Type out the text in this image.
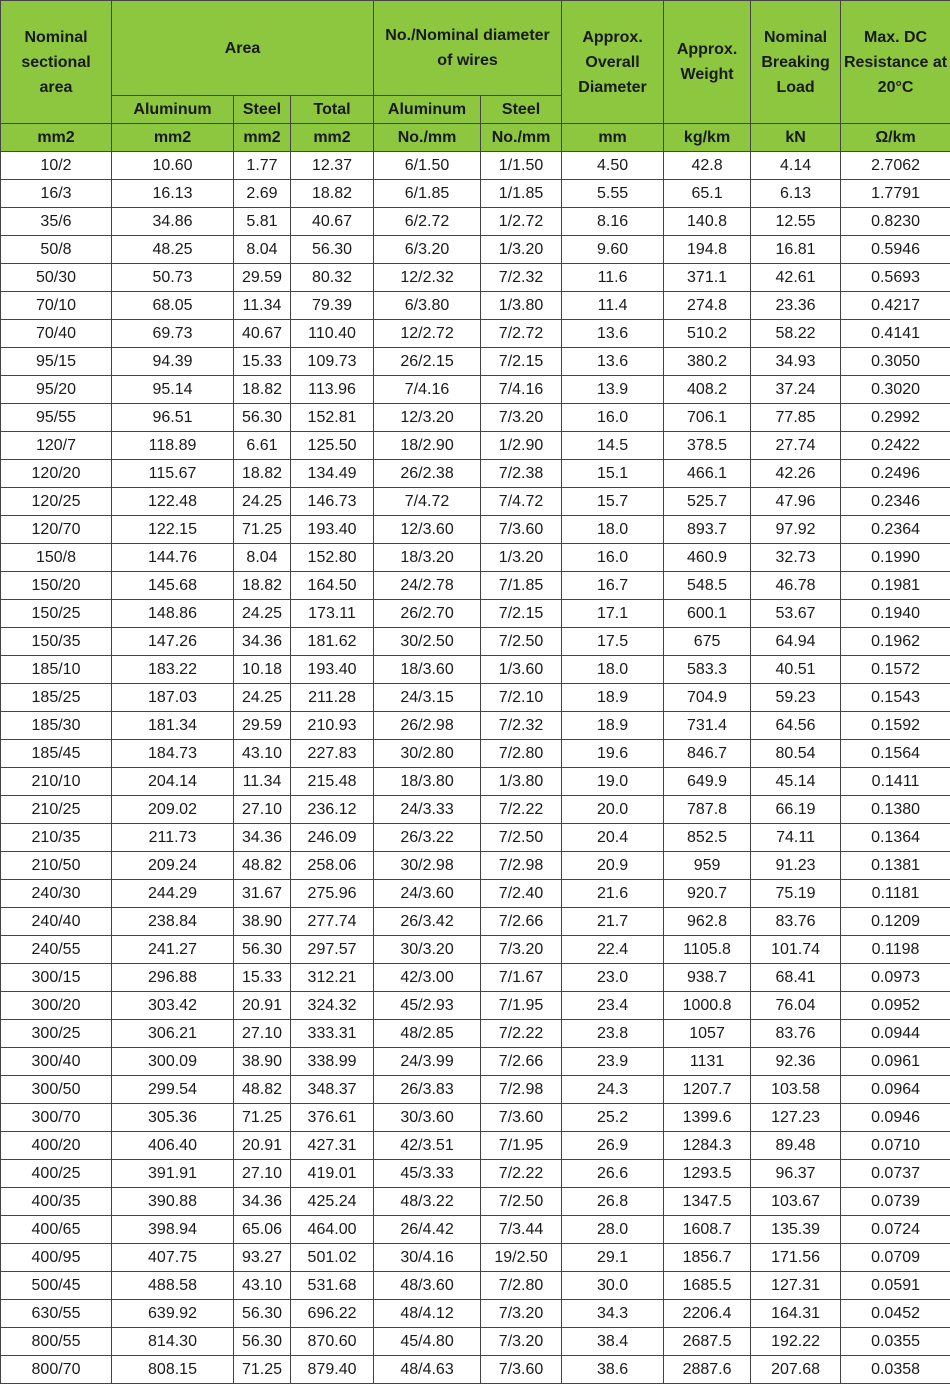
Nominal sectional area	Area			No./Nominal diameter of wires		Approx. Overall Diameter	Approx. Weight	Nominal Breaking Load	Max. DC Resistance at 20°C
	Aluminum	Steel	Total	Aluminum	Steel				
mm2	mm2	mm2	mm2	No./mm	No./mm	mm	kg/km	kN	Ω/km
10/2	10.60	1.77	12.37	6/1.50	1/1.50	4.50	42.8	4.14	2.7062
16/3	16.13	2.69	18.82	6/1.85	1/1.85	5.55	65.1	6.13	1.7791
35/6	34.86	5.81	40.67	6/2.72	1/2.72	8.16	140.8	12.55	0.8230
50/8	48.25	8.04	56.30	6/3.20	1/3.20	9.60	194.8	16.81	0.5946
50/30	50.73	29.59	80.32	12/2.32	7/2.32	11.6	371.1	42.61	0.5693
70/10	68.05	11.34	79.39	6/3.80	1/3.80	11.4	274.8	23.36	0.4217
70/40	69.73	40.67	110.40	12/2.72	7/2.72	13.6	510.2	58.22	0.4141
95/15	94.39	15.33	109.73	26/2.15	7/2.15	13.6	380.2	34.93	0.3050
95/20	95.14	18.82	113.96	7/4.16	7/4.16	13.9	408.2	37.24	0.3020
95/55	96.51	56.30	152.81	12/3.20	7/3.20	16.0	706.1	77.85	0.2992
120/7	118.89	6.61	125.50	18/2.90	1/2.90	14.5	378.5	27.74	0.2422
120/20	115.67	18.82	134.49	26/2.38	7/2.38	15.1	466.1	42.26	0.2496
120/25	122.48	24.25	146.73	7/4.72	7/4.72	15.7	525.7	47.96	0.2346
120/70	122.15	71.25	193.40	12/3.60	7/3.60	18.0	893.7	97.92	0.2364
150/8	144.76	8.04	152.80	18/3.20	1/3.20	16.0	460.9	32.73	0.1990
150/20	145.68	18.82	164.50	24/2.78	7/1.85	16.7	548.5	46.78	0.1981
150/25	148.86	24.25	173.11	26/2.70	7/2.15	17.1	600.1	53.67	0.1940
150/35	147.26	34.36	181.62	30/2.50	7/2.50	17.5	675	64.94	0.1962
185/10	183.22	10.18	193.40	18/3.60	1/3.60	18.0	583.3	40.51	0.1572
185/25	187.03	24.25	211.28	24/3.15	7/2.10	18.9	704.9	59.23	0.1543
185/30	181.34	29.59	210.93	26/2.98	7/2.32	18.9	731.4	64.56	0.1592
185/45	184.73	43.10	227.83	30/2.80	7/2.80	19.6	846.7	80.54	0.1564
210/10	204.14	11.34	215.48	18/3.80	1/3.80	19.0	649.9	45.14	0.1411
210/25	209.02	27.10	236.12	24/3.33	7/2.22	20.0	787.8	66.19	0.1380
210/35	211.73	34.36	246.09	26/3.22	7/2.50	20.4	852.5	74.11	0.1364
210/50	209.24	48.82	258.06	30/2.98	7/2.98	20.9	959	91.23	0.1381
240/30	244.29	31.67	275.96	24/3.60	7/2.40	21.6	920.7	75.19	0.1181
240/40	238.84	38.90	277.74	26/3.42	7/2.66	21.7	962.8	83.76	0.1209
240/55	241.27	56.30	297.57	30/3.20	7/3.20	22.4	1105.8	101.74	0.1198
300/15	296.88	15.33	312.21	42/3.00	7/1.67	23.0	938.7	68.41	0.0973
300/20	303.42	20.91	324.32	45/2.93	7/1.95	23.4	1000.8	76.04	0.0952
300/25	306.21	27.10	333.31	48/2.85	7/2.22	23.8	1057	83.76	0.0944
300/40	300.09	38.90	338.99	24/3.99	7/2.66	23.9	1131	92.36	0.0961
300/50	299.54	48.82	348.37	26/3.83	7/2.98	24.3	1207.7	103.58	0.0964
300/70	305.36	71.25	376.61	30/3.60	7/3.60	25.2	1399.6	127.23	0.0946
400/20	406.40	20.91	427.31	42/3.51	7/1.95	26.9	1284.3	89.48	0.0710
400/25	391.91	27.10	419.01	45/3.33	7/2.22	26.6	1293.5	96.37	0.0737
400/35	390.88	34.36	425.24	48/3.22	7/2.50	26.8	1347.5	103.67	0.0739
400/65	398.94	65.06	464.00	26/4.42	7/3.44	28.0	1608.7	135.39	0.0724
400/95	407.75	93.27	501.02	30/4.16	19/2.50	29.1	1856.7	171.56	0.0709
500/45	488.58	43.10	531.68	48/3.60	7/2.80	30.0	1685.5	127.31	0.0591
630/55	639.92	56.30	696.22	48/4.12	7/3.20	34.3	2206.4	164.31	0.0452
800/55	814.30	56.30	870.60	45/4.80	7/3.20	38.4	2687.5	192.22	0.0355
800/70	808.15	71.25	879.40	48/4.63	7/3.60	38.6	2887.6	207.68	0.0358
